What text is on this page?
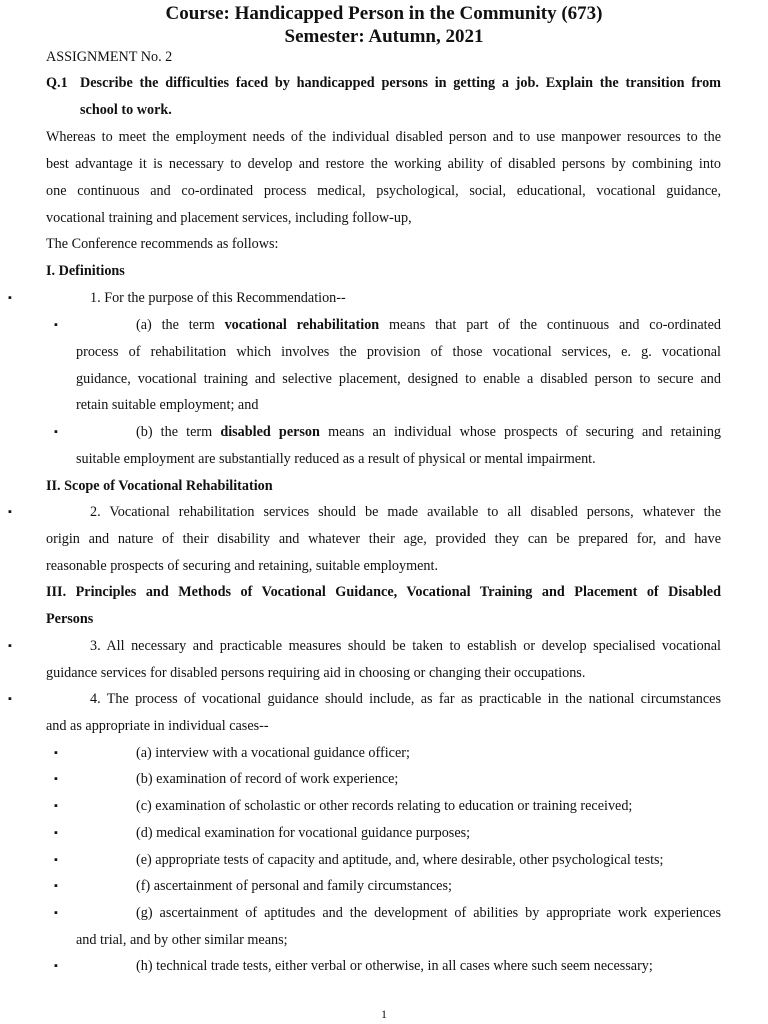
Course: Handicapped Person in the Community (673)
Semester: Autumn, 2021
ASSIGNMENT No. 2
Q.1 Describe the difficulties faced by handicapped persons in getting a job. Explain the transition from
school to work.
Whereas to meet the employment needs of the individual disabled person and to use manpower resources to the
best advantage it is necessary to develop and restore the working ability of disabled persons by combining into
one continuous and co-ordinated process medical, psychological, social, educational, vocational guidance,
vocational training and placement services, including follow-up,
The Conference recommends as follows:
I. Definitions
▪	1. For the purpose of this Recommendation--
▪	(a) the term vocational rehabilitation means that part of the continuous and co-ordinated
process of rehabilitation which involves the provision of those vocational services, e. g. vocational
guidance, vocational training and selective placement, designed to enable a disabled person to secure and
retain suitable employment; and
▪	(b) the term disabled person means an individual whose prospects of securing and retaining
suitable employment are substantially reduced as a result of physical or mental impairment.
II. Scope of Vocational Rehabilitation
▪	2. Vocational rehabilitation services should be made available to all disabled persons, whatever the
origin and nature of their disability and whatever their age, provided they can be prepared for, and have
reasonable prospects of securing and retaining, suitable employment.
III. Principles and Methods of Vocational Guidance, Vocational Training and Placement of Disabled
Persons
▪	3. All necessary and practicable measures should be taken to establish or develop specialised vocational
guidance services for disabled persons requiring aid in choosing or changing their occupations.
▪	4. The process of vocational guidance should include, as far as practicable in the national circumstances
and as appropriate in individual cases--
▪	(a) interview with a vocational guidance officer;
▪	(b) examination of record of work experience;
▪	(c) examination of scholastic or other records relating to education or training received;
▪	(d) medical examination for vocational guidance purposes;
▪	(e) appropriate tests of capacity and aptitude, and, where desirable, other psychological tests;
▪	(f) ascertainment of personal and family circumstances;
▪	(g) ascertainment of aptitudes and the development of abilities by appropriate work experiences
and trial, and by other similar means;
▪	(h) technical trade tests, either verbal or otherwise, in all cases where such seem necessary;
1
